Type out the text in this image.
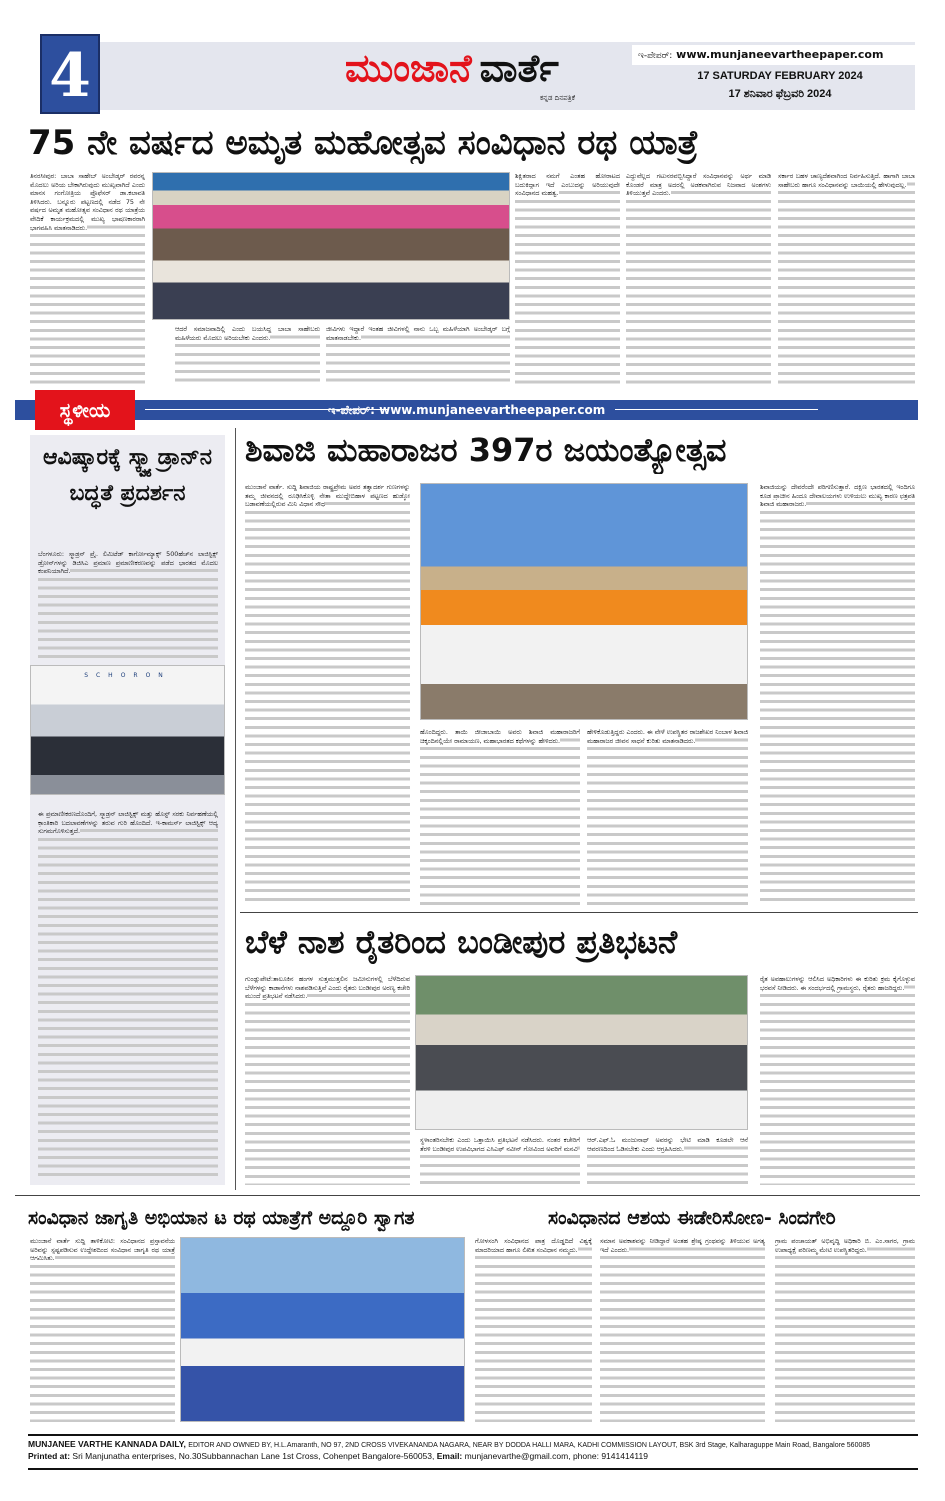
4	ಮುಂಜಾನೆ ವಾರ್ತೆ
ಕನ್ನಡ ದಿನಪತ್ರಿಕೆ
ಇ-ಪೇಪರ್: www.munjaneevartheepaper.com
17 SATURDAY FEBRUARY 2024
17 ಶನಿವಾರ ಫೆಬ್ರವರಿ 2024
75 ನೇ ವರ್ಷದ ಅಮೃತ ಮಹೋತ್ಸವ ಸಂವಿಧಾನ ರಥ ಯಾತ್ರೆ
ತಿನರಸೀಪುರ: ಬಾಬಾ ಸಾಹೇಬ್ ಅಂಬೇಡ್ಕರ್ ರವರನ್ನ ಮೊದಲು ಅರಿಯ ಬೇಕಾಗಿರುವುದು ಮುಖ್ಯವಾಗಿದೆ ಎಂದು ಮಾನಸ ಗಂಗೋತ್ರಿಯ ಪ್ರೊಫೆಸರ್ ಡಾ.ಕಲಾವತಿ ತಿಳಿಸಿದರು. ಬನ್ನೂರು ಪಟ್ಟಣದಲ್ಲಿ ನಡೆದ 75 ನೇ ವರ್ಷದ ಅಮೃತ ಮಹೋತ್ಸವ ಸಂವಿಧಾನ ರಥ ಯಾತ್ರೆಯ ವೇದಿಕೆ ಕಾರ್ಯಕ್ರಮದಲ್ಲಿ ಮುಖ್ಯ ಭಾಷಣಕಾರರಾಗಿ ಭಾಗವಹಿಸಿ ಮಾತನಾಡಿದರು.
ಆದರೆ ಸಮಾಜವಾದಿಲ್ಲಿ ಎಂದು ಬಯಸಿದ್ದ ಬಾಬಾ ಸಾಹೇಬರು ಮಹಿಳೆಯರು ಮೊದಲು ಅರಿಯಬೇಕು ಎಂದರು.
ಜೀವಿಗಳು ಇದ್ದಾರೆ ಇಂತಹ ಜೀವಿಗಳಲ್ಲಿ ನಾನು ಒಬ್ಬ ಮಹಿಳೆಯಾಗಿ ಅಂಬೇಡ್ಕರ್ ಬಗ್ಗೆ ಮಾತನಾಡಬೇಕು.
ಶಿಕ್ಷಿತರಾದ ನಮಗೆ ಎಂತಹ ಹೋರಾಟದ ಬದುಕಿದ್ದಾಗ ಇದೆ ಎಂಬುದನ್ನು ಅರಿಯುವುದೇ ಸಂವಿಧಾನದ ಮಹತ್ವ.
ಎದ್ದುವೆಲ್ಲದ ಗಟುನರವಬ್ಬಿಸಿದ್ದಾರೆ ಸಂವಿಧಾನವನ್ನು ಅರ್ಥ ಮಾಡಿ ಕೊಂಡರೆ ಮಾತ್ರ ಅದರಲ್ಲಿ ಅಡಕವಾಗಿರುವ ನಿಜವಾದ ಅಂಶಗಳು ತಿಳಿಯುತ್ತವೆ ಎಂದರು.
ಸರ್ಕಾರ ಬಹಳ ಚಾಣ್ಯದೆಶವಾಗಿಂದ ನಿರ್ವಹಿಸುತ್ತಿದೆ. ಹಾಗಾಗಿ ಬಾಬಾ ಸಾಹೇಬರು ಹಾಗೂ ಸಂವಿಧಾನವನ್ನು ಬಾಯಿಯಲ್ಲಿ ಹೇಳುವುದಲ್ಲ.
ಇ-ಪೇಪರ್: www.munjaneevartheepaper.com
ಸ್ಥಳೀಯ
ಆವಿಷ್ಕಾರಕ್ಕೆ ಸ್ಕ್ವ್ಯಾಡ್ರಾನ್‌ನ ಬದ್ಧತೆ ಪ್ರದರ್ಶನ
ಬೆಂಗಳೂರು: ಸ್ಕ್ಯಾಡ್ರನ್ ಪ್ರೈ. ಲಿಮಿಟೆಡ್ ಕಾರ್ಗೋಮ್ಯಾಕ್ಸ್ 500ಹೆಚ್‌ನ ಲಾಜಿಸ್ಟಿಕ್ಸ್ ಡ್ರೋನ್‌ಗಳನ್ನು ಡಿಜಿಸಿಎ ಪ್ರಮಾಣ ಪ್ರಮಾಣೀಕರಣವನ್ನು ಪಡೆದ ಭಾರತದ ಮೊದಲ ಕಂಪನಿಯಾಗಿದೆ.
SCHORON
ಈ ಪ್ರಮಾಣೀಕರಣದೊಂದಿಗೆ, ಸ್ಕ್ವಾಡ್ರನ್ ಲಾಜಿಸ್ಟಿಕ್ಸ್ ಮತ್ತು ಹೊಸ್ಟ್ ಸರಕು ನಿರ್ವಹಣೆಯಲ್ಲಿ ಕ್ರಾಂತಿಕಾರಿ ಬದಲಾವಣೆಗಳನ್ನು ತರುವ ಗುರಿ ಹೊಂದಿದೆ. ಇ-ಕಾಮರ್ಸ್ ಲಾಜಿಸ್ಟಿಕ್ಸ್ ಆದ್ಯ ಸುಗಮಗೊಳಿಸುತ್ತದೆ.
ಶಿವಾಜಿ ಮಹಾರಾಜರ 397ರ ಜಯಂತ್ಯೋತ್ಸವ
ಮುಂಜಾನೆ ವಾರ್ತೆ. ಸುದ್ದಿ ಶಿವಾಜಿಯ ರಾಷ್ಟ್ರಪ್ರೇಮ ಅವರ ತತ್ವಾದರ್ಶ ಗುಣಗಳನ್ನು ತಮ್ಮ ಜೀವನದಲ್ಲಿ ರೂಢಿಸಿಕೊಳ್ಳಿ ನೇತಾ ಮುದ್ದೇಬಿಹಾಳ ಪಟ್ಟಣದ ಹುಡ್ಕೋ ಬಡಾವಣೆಯಲ್ಲಿರುವ ಮಿನಿ ವಿಧಾನ ಸೌಧ
ಹೊಂದಿದ್ದರು. ತಾಯಿ ಜೀಜಾಬಾಯಿ ಅವರು ಶಿವಾಜಿ ಮಹಾರಾಜರಿಗೆ ಚಿಕ್ಕಂದಿನಲ್ಲಿಯೇ ರಾಮಾಯಣ, ಮಹಾಭಾರತದ ಕಥೆಗಳನ್ನು ಹೇಳಿದರು.
ಹೇಳಿಕೊಡುತ್ತಿದ್ದರು ಎಂದರು. ಈ ವೇಳೆ ಉಪಸ್ಥಿತರ ರಾಜಶೇಖರ ನಿಂಬಾಳ ಶಿವಾಜಿ ಮಹಾರಾಜರ ಜೀವನ ಸಾಧನೆ ಕುರಿತು ಮಾತನಾಡಿದರು.
ಶಿವಾಜಿಯನ್ನು ದೇವರೆಂದೇ ಪರಿಗಣಿಸುತ್ತಾರೆ. ದಕ್ಷಿಣ ಭಾರತದಲ್ಲಿ ಇಂದಿಗೂ ಕೂಡ ಪ್ರಾಚೀನ ಹಿಂದೂ ದೇವಾಲಯಗಳು ಉಳಿಯಲು ಮುಖ್ಯ ಕಾರಣ ಛತ್ರಪತಿ ಶಿವಾಜಿ ಮಹಾರಾಜರು.
ಬೆಳೆ ನಾಶ ರೈತರಿಂದ ಬಂಡೀಪುರ ಪ್ರತಿಭಟನೆ
ಗುಂಡ್ಲುಪೇಟೆ:ತಾಲೂಕಿನ ಹಂಗಳ ಸುತ್ತಮುತ್ತಲಿನ ಜಮೀನುಗಳಲ್ಲಿ ಬೆಳೆದಿರುವ ಬೆಳೆಗಳನ್ನು ಕಾಡಾನೆಗಳು ನಾಶಪಡಿಸುತ್ತಿವೆ ಎಂದು ರೈತರು ಬಂಡೀಪುರ ಅರಣ್ಯ ಕಚೇರಿ ಮುಂದೆ ಪ್ರತಿಭಟನೆ ನಡೆಸಿದರು.
ಸ್ಥಳಾಂತರಿಸಬೇಕು ಎಂದು ಒತ್ತಾಯಿಸಿ ಪ್ರತಿಭಟನೆ ನಡೆಸಿದರು. ನಂತರ ಕಚೇರಿಗೆ ತೆರಳಿ ಬಂಡೀಪುರ ಉಪವಿಭಾಗದ ಎಸಿಎಫ್ ನವೀನ್ ಗೋವಿಂದ ಅವರಿಗೆ ಮನವಿ
ಆರ್.ಎಫ್.ಓ ಮಂಜುನಾಥ್ ಅವರನ್ನು ಭೇಟಿ ಮಾಡಿ ಕೂಡಲೇ ಆನೆ ಆವರಣದಿಂದ ಓಡಿಸಬೇಕು ಎಂದು ಆಗ್ರಹಿಸಿದರು.
ರೈತ ಅವಹಾಲುಗಳನ್ನು ಆಲಿಸಿದ ಅಧಿಕಾರಿಗಳು ಈ ಕುರಿತು ಕ್ರಮ ಕೈಗೊಳ್ಳುವ ಭರವಸೆ ನೀಡಿದರು. ಈ ಸಂದರ್ಭದಲ್ಲಿ ಗ್ರಾಮಸ್ಥರು, ರೈತರು ಹಾಜರಿದ್ದರು.
ಸಂವಿಧಾನ ಜಾಗೃತಿ ಅಭಿಯಾನ ಟ ರಥ ಯಾತ್ರೆಗೆ ಅದ್ದೂರಿ ಸ್ವಾಗತ	ಸಂವಿಧಾನದ ಆಶಯ ಈಡೇರಿಸೋಣ- ಸಿಂದಗೇರಿ
ಮುಂಜಾನೆ ವಾರ್ತೆ ಸುದ್ದಿ ತಾಳಿಕೋಟಿ: ಸಂವಿಧಾನದ ಪ್ರಸ್ತಾವನೆಯ ಅರಿವನ್ನು ಸ್ಪಷ್ಟಪಡಿಸುವ ಉದ್ದೇಶದಿಂದ ಸಂವಿಧಾನ ಜಾಗೃತಿ ರಥ ಯಾತ್ರೆ ಆಗಮಿಸಿತು.
ಗೋಳಸಂಗಿ ಸಂವಿಧಾನದ ಪಾತ್ರ ದೊಡ್ಡದಿದೆ ವಿಶ್ವಕ್ಕೆ ಮಾದರಿಯಾದ ಹಾಗೂ ಲಿಖಿತ ಸಂವಿಧಾನ ನಮ್ಮದು.
ಸಮಾನ ಅವಕಾಶವನ್ನು ನೀಡಿದ್ದಾರೆ ಅಂತಹ ಶ್ರೇಷ್ಠ ಗ್ರಂಥವನ್ನು ತಿಳಿಯುವ ಅಗತ್ಯ ಇದೆ ಎಂದರು.
ಗ್ರಾಮ ಪಂಚಾಯತ್ ಅಭಿವೃದ್ಧಿ ಅಧಿಕಾರಿ ಬಿ. ಎಂ.ಸಾಗರ, ಗ್ರಾಮ ಉಪಾಧ್ಯಕ್ಷೆ ಪರಿಣಮ್ಮ ಮೇಟಿ ಉಪಸ್ಥಿತರಿದ್ದರು.
MUNJANEE VARTHE KANNADA DAILY, EDITOR AND OWNED BY, H.L.Amaranth, NO 97, 2ND CROSS VIVEKANANDA NAGARA, NEAR BY DODDA HALLI MARA, KADHI COMMISSION LAYOUT, BSK 3rd Stage, Kalharaguppe Main Road, Bangalore 560085
Printed at: Sri Manjunatha enterprises, No.30Subbannachan Lane 1st Cross, Cohenpet Bangalore-560053, Email: munjanevarthe@gmail.com, phone: 9141414119
